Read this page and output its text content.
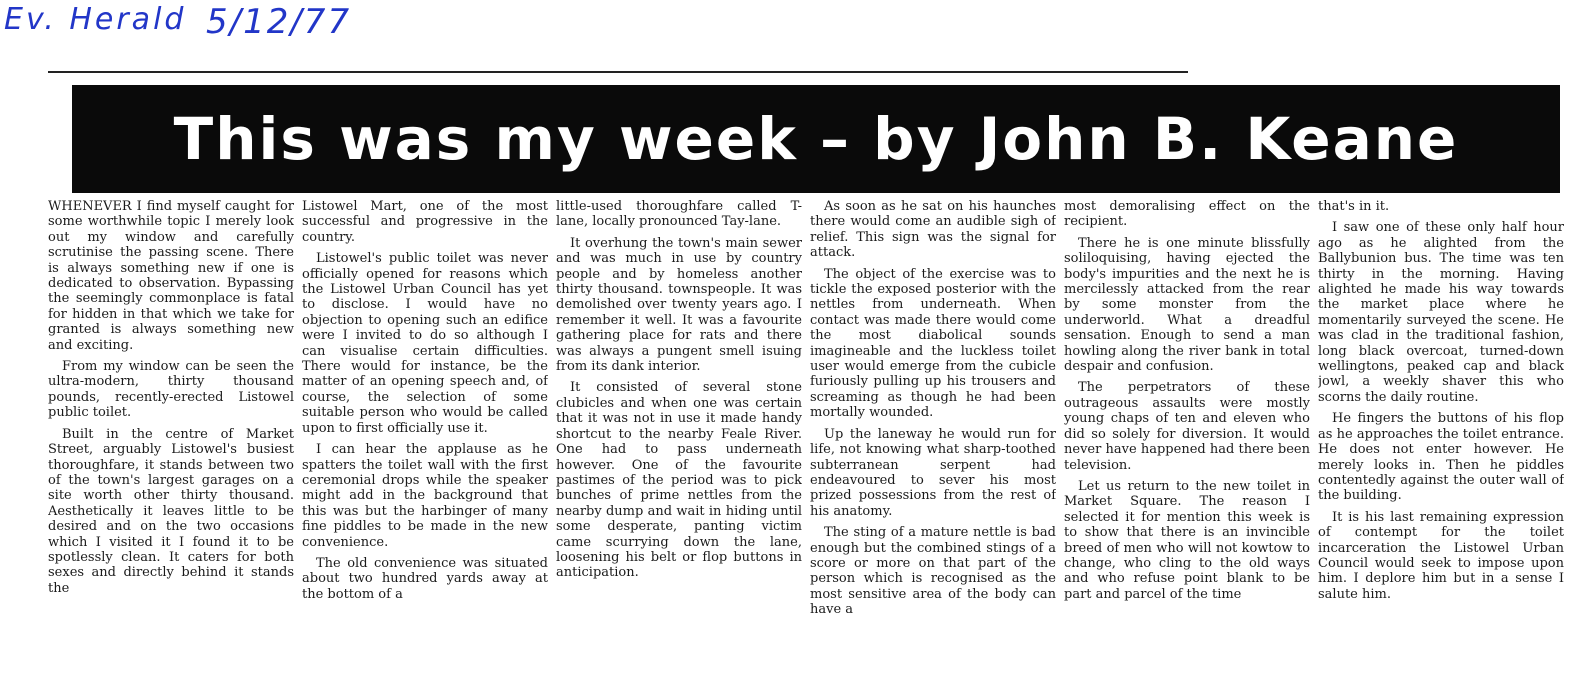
Ev. Herald 5/12/77
This was my week – by John B. Keane

WHENEVER I find myself caught for some worthwhile topic I merely look out my window and carefully scrutinise the passing scene. There is always something new if one is dedicated to observation. Bypassing the seemingly commonplace is fatal for hidden in that which we take for granted is always something new and exciting.

From my window can be seen the ultra-modern, thirty thousand pounds, recently-erected Listowel public toilet.

Built in the centre of Market Street, arguably Listowel's busiest thoroughfare, it stands between two of the town's largest garages on a site worth other thirty thousand. Aesthetically it leaves little to be desired and on the two occasions which I visited it I found it to be spotlessly clean. It caters for both sexes and directly behind it stands the

Listowel Mart, one of the most successful and progressive in the country.

Listowel's public toilet was never officially opened for reasons which the Listowel Urban Council has yet to disclose. I would have no objection to opening such an edifice were I invited to do so although I can visualise certain difficulties. There would for instance, be the matter of an opening speech and, of course, the selection of some suitable person who would be called upon to first officially use it.

I can hear the applause as he spatters the toilet wall with the first ceremonial drops while the speaker might add in the background that this was but the harbinger of many fine piddles to be made in the new convenience.

The old convenience was situated about two hundred yards away at the bottom of a

little-used thoroughfare called T-lane, locally pronounced Tay-lane.

It overhung the town's main sewer and was much in use by country people and by homeless another thirty thousand. townspeople. It was demolished over twenty years ago. I remember it well. It was a favourite gathering place for rats and there was always a pungent smell isuing from its dank interior.

It consisted of several stone clubicles and when one was certain that it was not in use it made handy shortcut to the nearby Feale River. One had to pass underneath however. One of the favourite pastimes of the period was to pick bunches of prime nettles from the nearby dump and wait in hiding until some desperate, panting victim came scurrying down the lane, loosening his belt or flop buttons in anticipation.

As soon as he sat on his haunches there would come an audible sigh of relief. This sign was the signal for attack.

The object of the exercise was to tickle the exposed posterior with the nettles from underneath. When contact was made there would come the most diabolical sounds imagineable and the luckless toilet user would emerge from the cubicle furiously pulling up his trousers and screaming as though he had been mortally wounded.

Up the laneway he would run for life, not knowing what sharp-toothed subterranean serpent had endeavoured to sever his most prized possessions from the rest of his anatomy.

The sting of a mature nettle is bad enough but the combined stings of a score or more on that part of the person which is recognised as the most sensitive area of the body can have a

most demoralising effect on the recipient.

There he is one minute blissfully soliloquising, having ejected the body's impurities and the next he is mercilessly attacked from the rear by some monster from the underworld. What a dreadful sensation. Enough to send a man howling along the river bank in total despair and confusion.

The perpetrators of these outrageous assaults were mostly young chaps of ten and eleven who did so solely for diversion. It would never have happened had there been television.

Let us return to the new toilet in Market Square. The reason I selected it for mention this week is to show that there is an invincible breed of men who will not kowtow to change, who cling to the old ways and who refuse point blank to be part and parcel of the time

that's in it.

I saw one of these only half hour ago as he alighted from the Ballybunion bus. The time was ten thirty in the morning. Having alighted he made his way towards the market place where he momentarily surveyed the scene. He was clad in the traditional fashion, long black overcoat, turned-down wellingtons, peaked cap and black jowl, a weekly shaver this who scorns the daily routine.

He fingers the buttons of his flop as he approaches the toilet entrance. He does not enter however. He merely looks in. Then he piddles contentedly against the outer wall of the building.

It is his last remaining expression of contempt for the toilet incarceration the Listowel Urban Council would seek to impose upon him. I deplore him but in a sense I salute him.
